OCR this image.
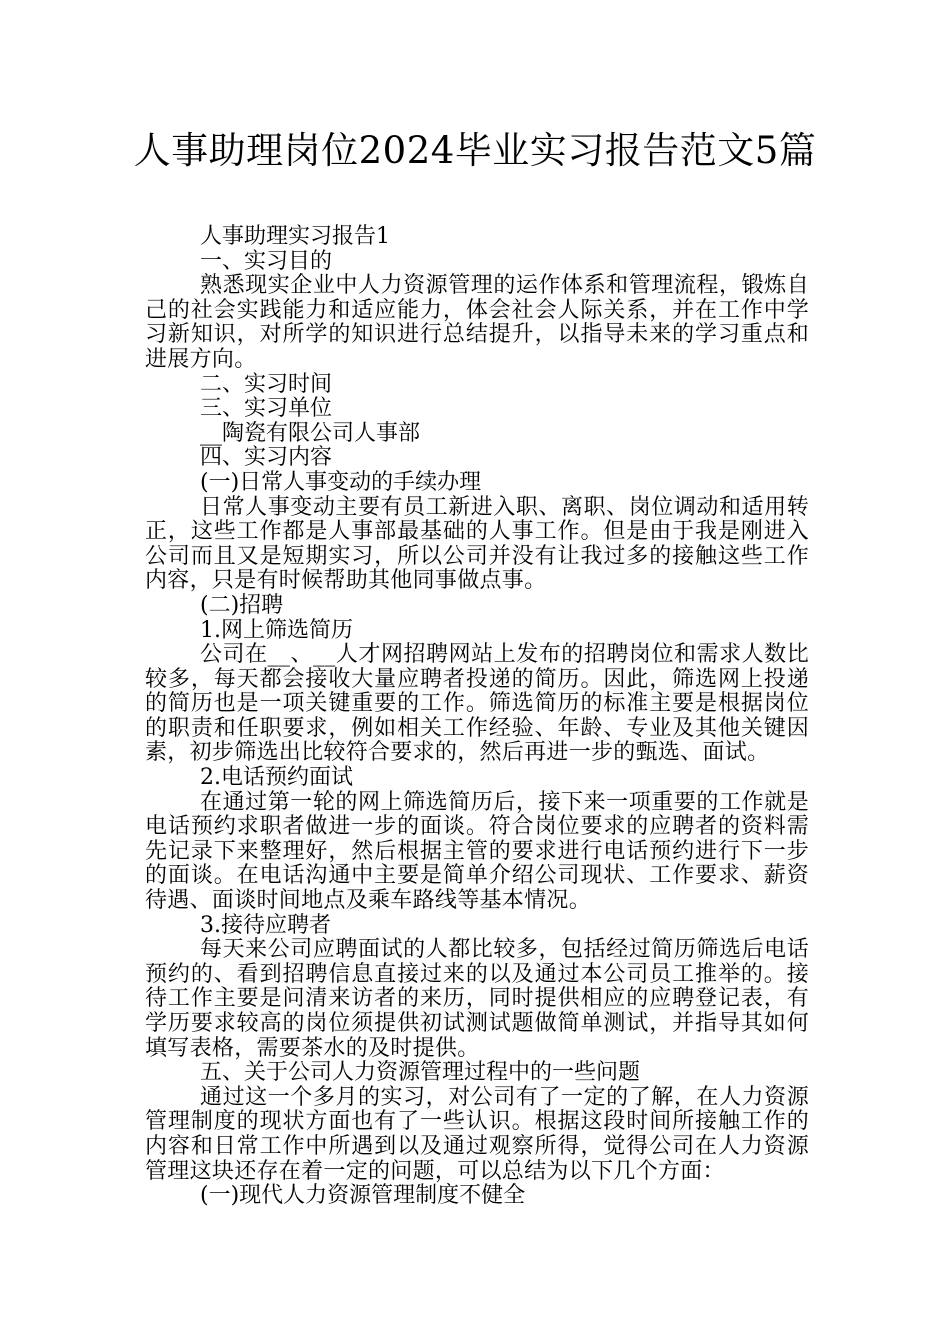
人事助理岗位2024毕业实习报告范文5篇

人事助理实习报告1

一、实习目的

熟悉现实企业中人力资源管理的运作体系和管理流程，锻炼自己的社会实践能力和适应能力，体会社会人际关系，并在工作中学习新知识，对所学的知识进行总结提升，以指导未来的学习重点和进展方向。

二、实习时间

三、实习单位

__陶瓷有限公司人事部

四、实习内容

(一)日常人事变动的手续办理

日常人事变动主要有员工新进入职、离职、岗位调动和适用转正，这些工作都是人事部最基础的人事工作。但是由于我是刚进入公司而且又是短期实习，所以公司并没有让我过多的接触这些工作内容，只是有时候帮助其他同事做点事。

(二)招聘

1.网上筛选简历

公司在__、__人才网招聘网站上发布的招聘岗位和需求人数比较多，每天都会接收大量应聘者投递的简历。因此，筛选网上投递的简历也是一项关键重要的工作。筛选简历的标准主要是根据岗位的职责和任职要求，例如相关工作经验、年龄、专业及其他关键因素，初步筛选出比较符合要求的，然后再进一步的甄选、面试。

2.电话预约面试

在通过第一轮的网上筛选简历后，接下来一项重要的工作就是电话预约求职者做进一步的面谈。符合岗位要求的应聘者的资料需先记录下来整理好，然后根据主管的要求进行电话预约进行下一步的面谈。在电话沟通中主要是简单介绍公司现状、工作要求、薪资待遇、面谈时间地点及乘车路线等基本情况。

3.接待应聘者

每天来公司应聘面试的人都比较多，包括经过简历筛选后电话预约的、看到招聘信息直接过来的以及通过本公司员工推举的。接待工作主要是问清来访者的来历，同时提供相应的应聘登记表，有学历要求较高的岗位须提供初试测试题做简单测试，并指导其如何填写表格，需要茶水的及时提供。

五、关于公司人力资源管理过程中的一些问题

通过这一个多月的实习，对公司有了一定的了解，在人力资源管理制度的现状方面也有了一些认识。根据这段时间所接触工作的内容和日常工作中所遇到以及通过观察所得，觉得公司在人力资源管理这块还存在着一定的问题，可以总结为以下几个方面：

(一)现代人力资源管理制度不健全
